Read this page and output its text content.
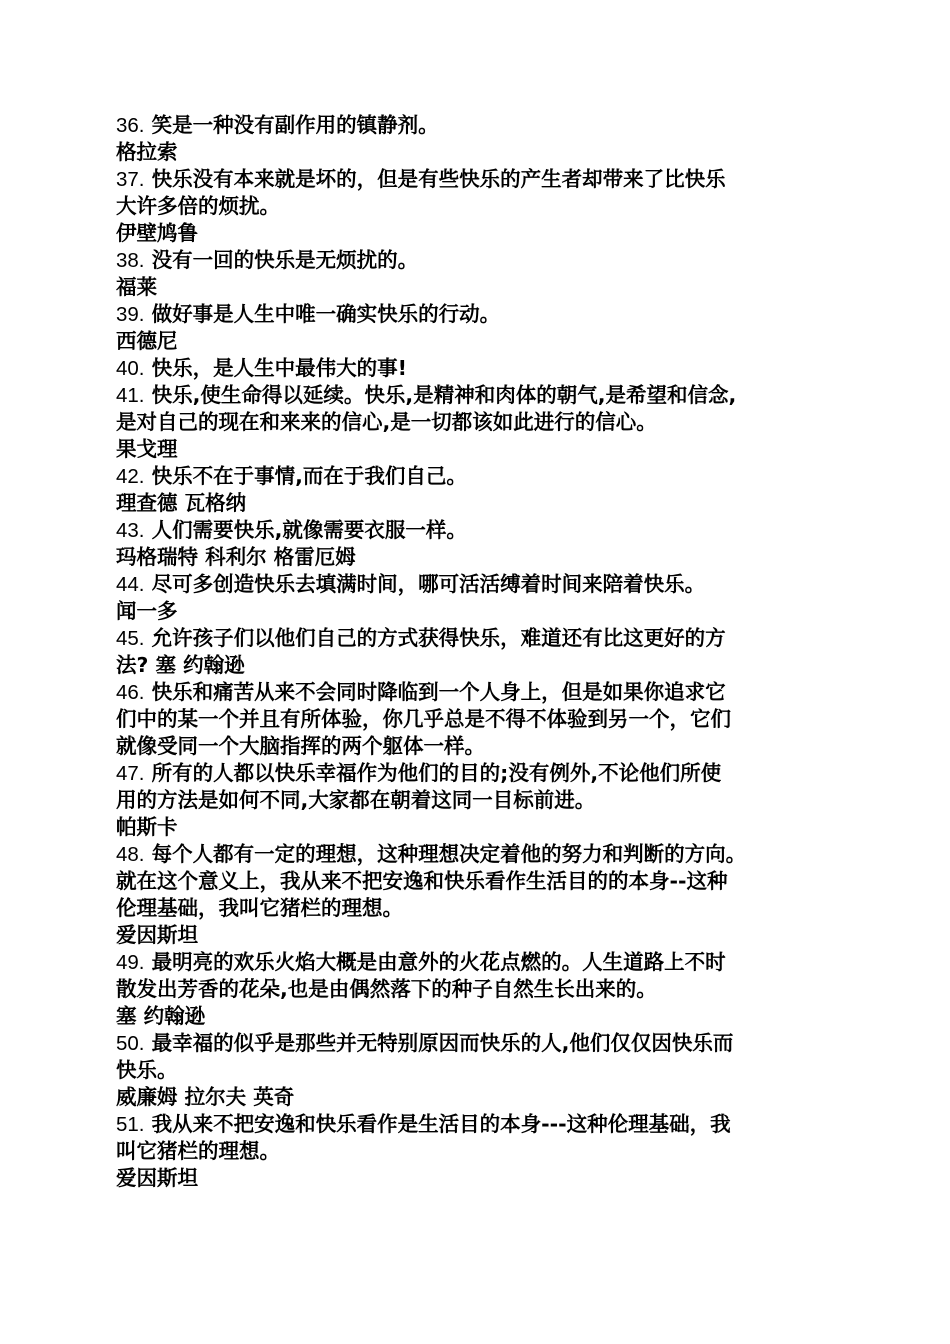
36. 笑是一种没有副作用的镇静剂。
格拉索
37. 快乐没有本来就是坏的，但是有些快乐的产生者却带来了比快乐
大许多倍的烦扰。
伊壁鸠鲁
38. 没有一回的快乐是无烦扰的。
福莱
39. 做好事是人生中唯一确实快乐的行动。
西德尼
40. 快乐，是人生中最伟大的事!
41. 快乐,使生命得以延续。快乐,是精神和肉体的朝气,是希望和信念,
是对自己的现在和来来的信心,是一切都该如此进行的信心。
果戈理
42. 快乐不在于事情,而在于我们自己。
理查德 瓦格纳
43. 人们需要快乐,就像需要衣服一样。
玛格瑞特 科利尔 格雷厄姆
44. 尽可多创造快乐去填满时间，哪可活活缚着时间来陪着快乐。
闻一多
45. 允许孩子们以他们自己的方式获得快乐，难道还有比这更好的方
法? 塞 约翰逊
46. 快乐和痛苦从来不会同时降临到一个人身上，但是如果你追求它
们中的某一个并且有所体验，你几乎总是不得不体验到另一个，它们
就像受同一个大脑指挥的两个躯体一样。
47. 所有的人都以快乐幸福作为他们的目的;没有例外,不论他们所使
用的方法是如何不同,大家都在朝着这同一目标前进。
帕斯卡
48. 每个人都有一定的理想，这种理想决定着他的努力和判断的方向。
就在这个意义上，我从来不把安逸和快乐看作生活目的的本身--这种
伦理基础，我叫它猪栏的理想。
爱因斯坦
49. 最明亮的欢乐火焰大概是由意外的火花点燃的。人生道路上不时
散发出芳香的花朵,也是由偶然落下的种子自然生长出来的。
塞 约翰逊
50. 最幸福的似乎是那些并无特别原因而快乐的人,他们仅仅因快乐而
快乐。
威廉姆 拉尔夫 英奇
51. 我从来不把安逸和快乐看作是生活目的本身---这种伦理基础，我
叫它猪栏的理想。
爱因斯坦
